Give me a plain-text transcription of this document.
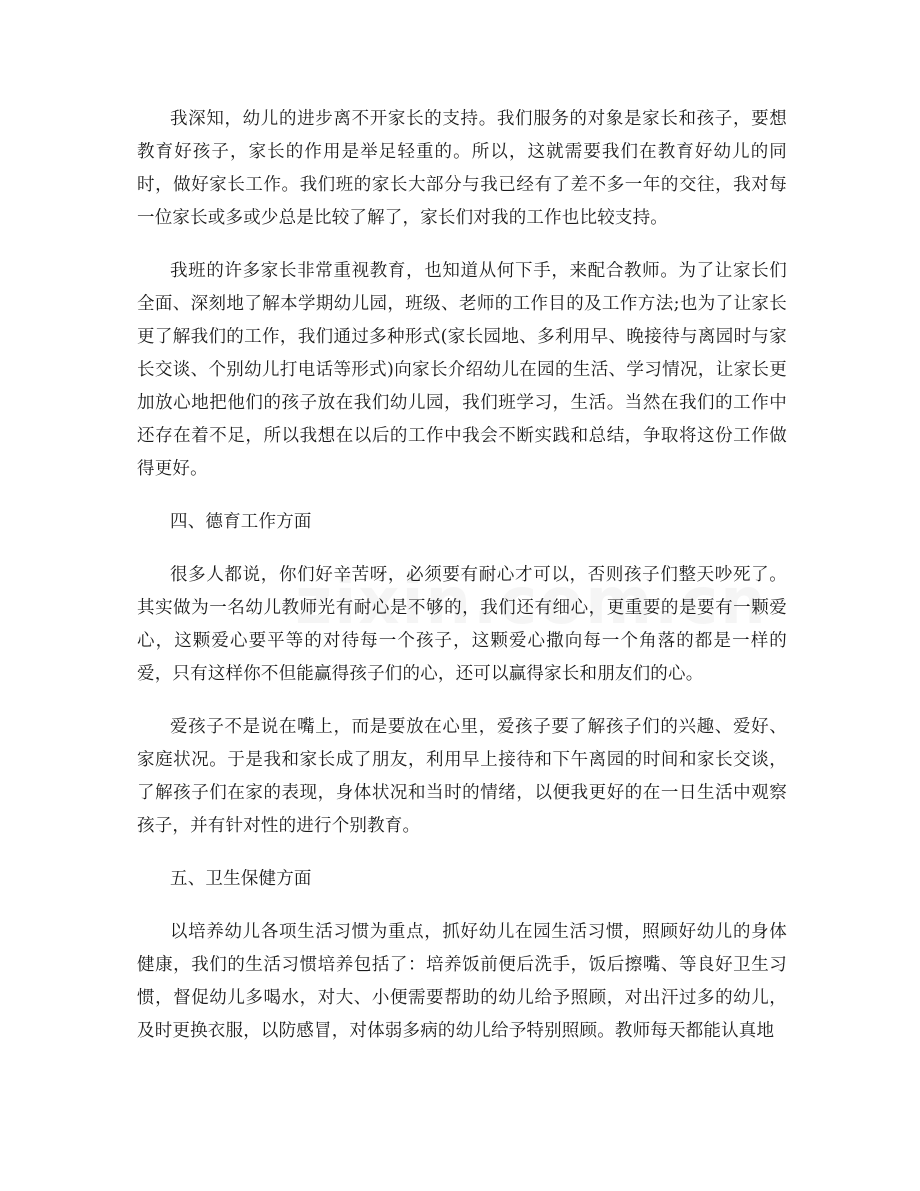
我深知，幼儿的进步离不开家长的支持。我们服务的对象是家长和孩子，要想教育好孩子，家长的作用是举足轻重的。所以，这就需要我们在教育好幼儿的同时，做好家长工作。我们班的家长大部分与我已经有了差不多一年的交往，我对每一位家长或多或少总是比较了解了，家长们对我的工作也比较支持。

我班的许多家长非常重视教育，也知道从何下手，来配合教师。为了让家长们全面、深刻地了解本学期幼儿园，班级、老师的工作目的及工作方法;也为了让家长更了解我们的工作，我们通过多种形式(家长园地、多利用早、晚接待与离园时与家长交谈、个别幼儿打电话等形式)向家长介绍幼儿在园的生活、学习情况，让家长更加放心地把他们的孩子放在我们幼儿园，我们班学习，生活。当然在我们的工作中还存在着不足，所以我想在以后的工作中我会不断实践和总结，争取将这份工作做得更好。

四、德育工作方面

很多人都说，你们好辛苦呀，必须要有耐心才可以，否则孩子们整天吵死了。其实做为一名幼儿教师光有耐心是不够的，我们还有细心，更重要的是要有一颗爱心，这颗爱心要平等的对待每一个孩子，这颗爱心撒向每一个角落的都是一样的爱，只有这样你不但能赢得孩子们的心，还可以赢得家长和朋友们的心。

爱孩子不是说在嘴上，而是要放在心里，爱孩子要了解孩子们的兴趣、爱好、家庭状况。于是我和家长成了朋友，利用早上接待和下午离园的时间和家长交谈，了解孩子们在家的表现，身体状况和当时的情绪，以便我更好的在一日生活中观察孩子，并有针对性的进行个别教育。

五、卫生保健方面

以培养幼儿各项生活习惯为重点，抓好幼儿在园生活习惯，照顾好幼儿的身体健康，我们的生活习惯培养包括了：培养饭前便后洗手，饭后擦嘴、等良好卫生习惯，督促幼儿多喝水，对大、小便需要帮助的幼儿给予照顾，对出汗过多的幼儿，及时更换衣服，以防感冒，对体弱多病的幼儿给予特别照顾。教师每天都能认真地
